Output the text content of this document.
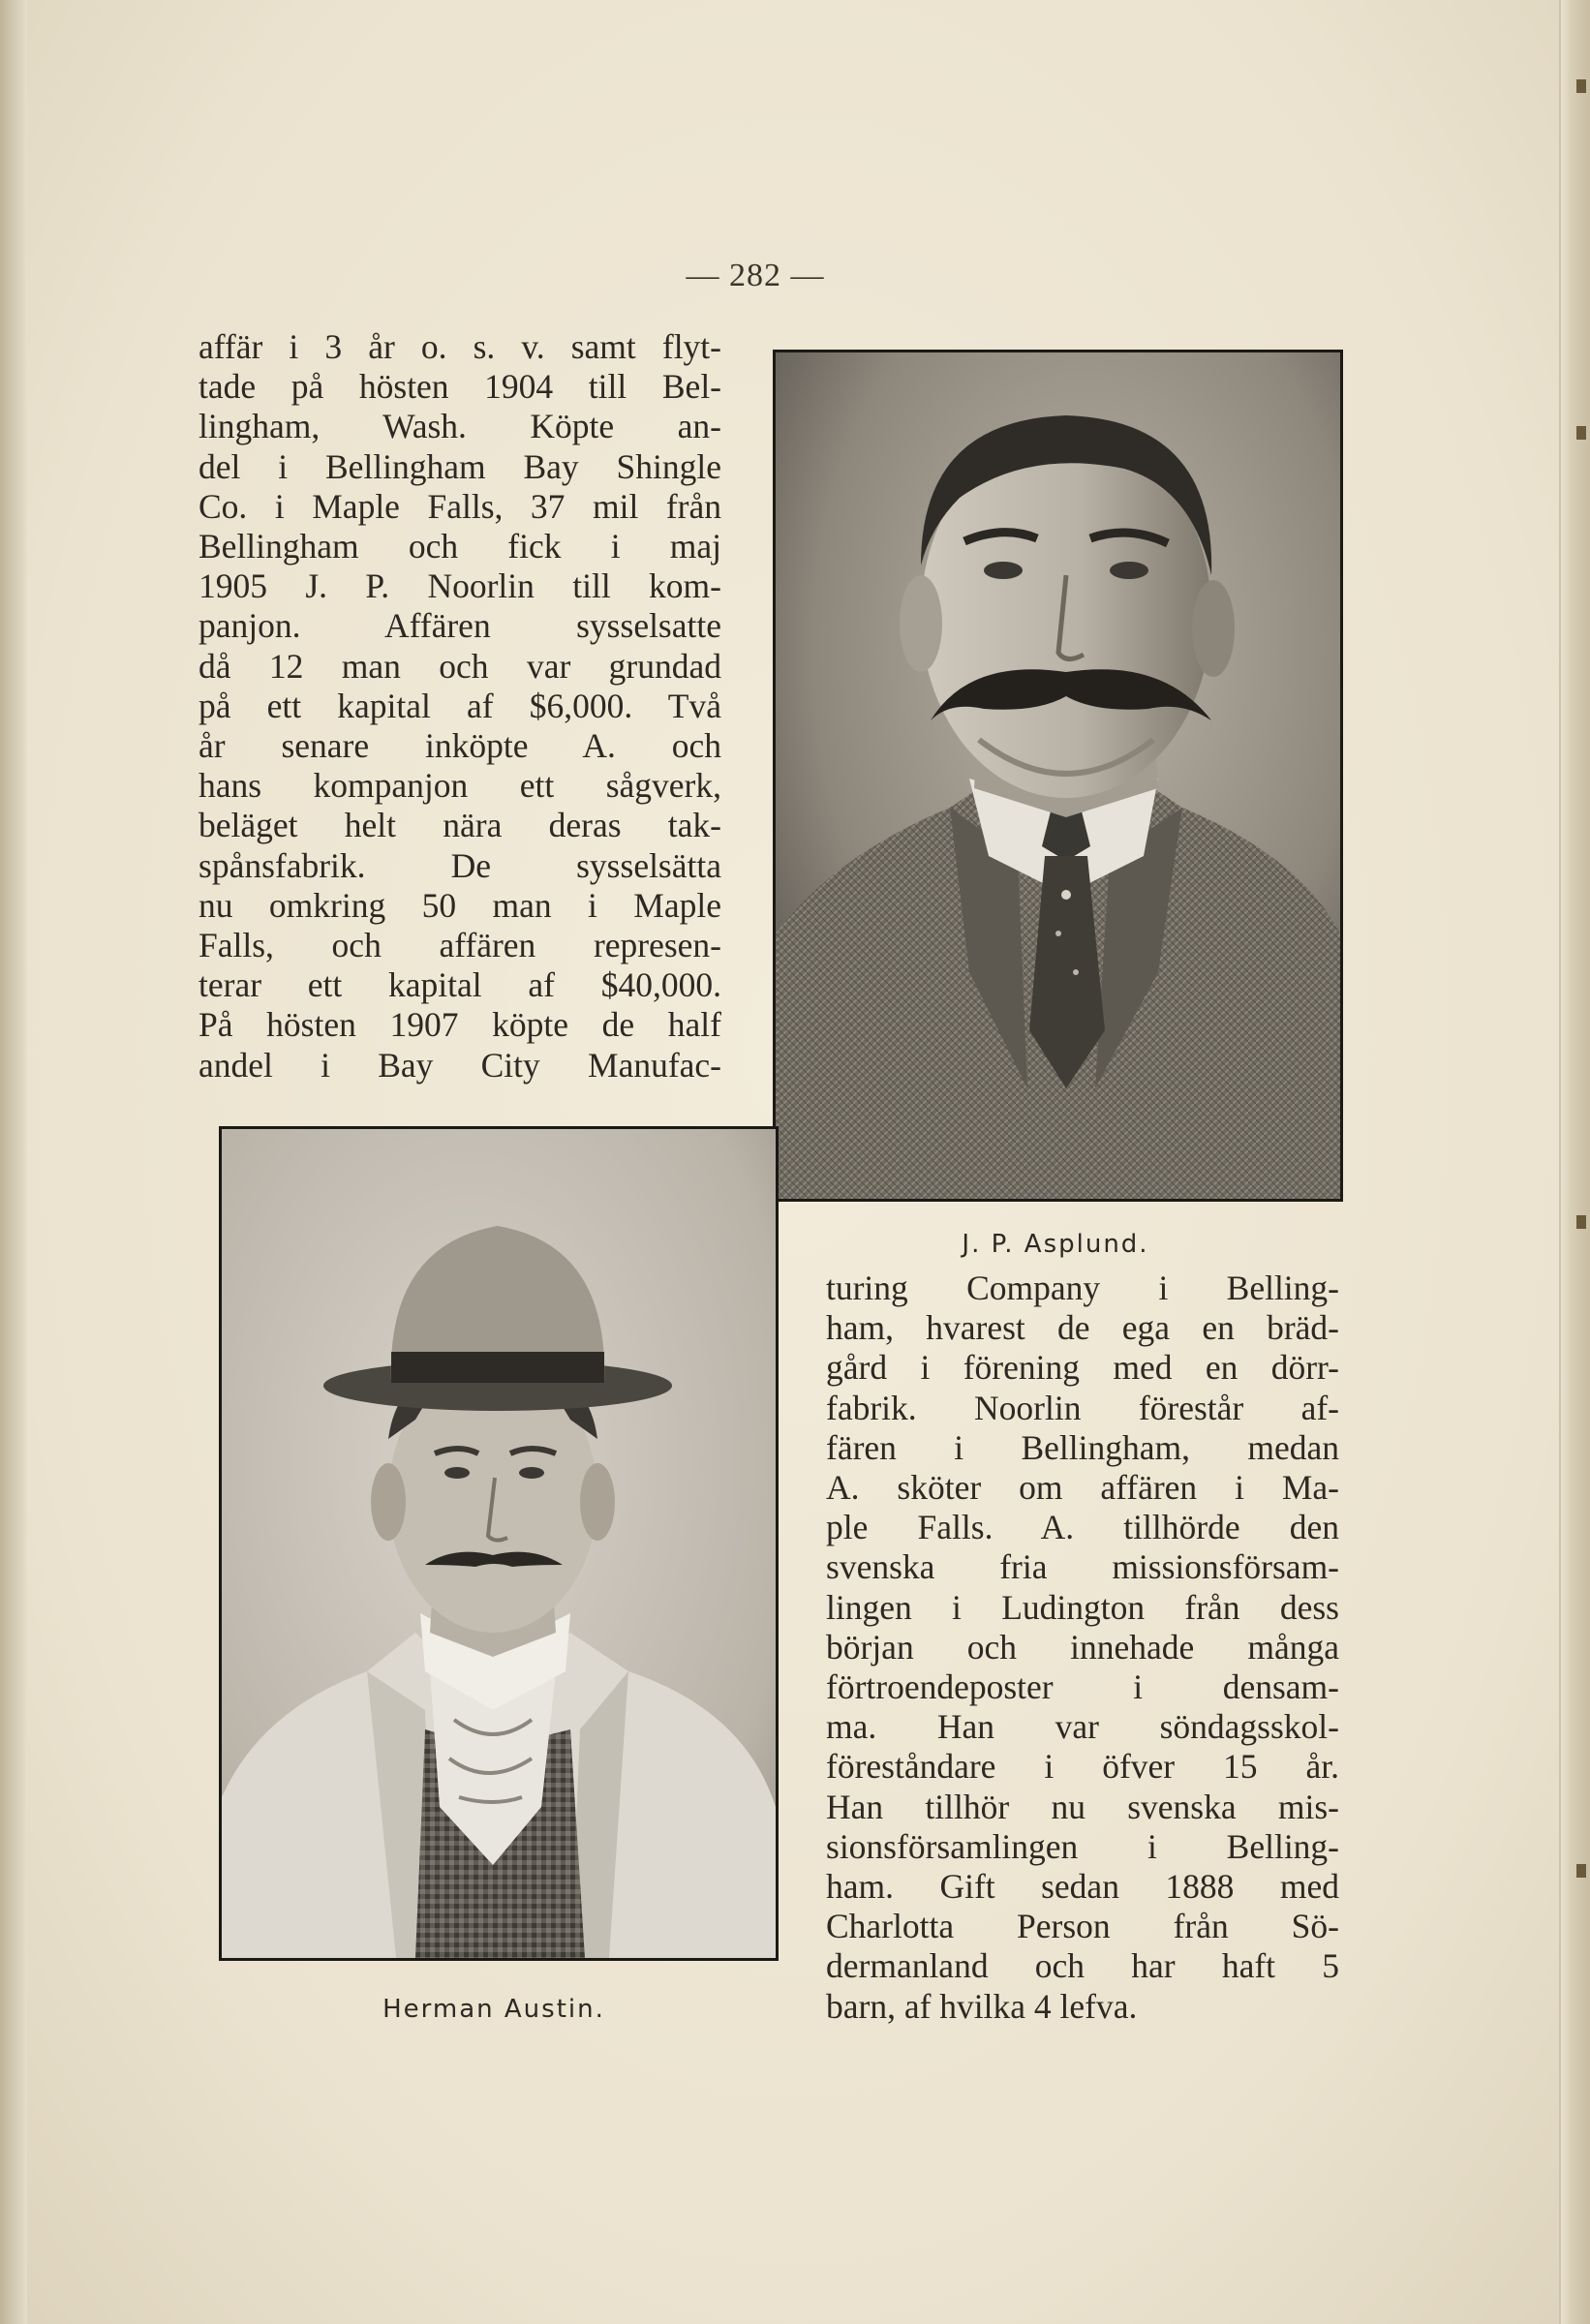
— 282 —
affär i 3 år o. s. v. samt flyt-
tade på hösten 1904 till Bel-
lingham, Wash. Köpte an-
del i Bellingham Bay Shingle
Co. i Maple Falls, 37 mil från
Bellingham och fick i maj
1905 J. P. Noorlin till kom-
panjon. Affären sysselsatte
då 12 man och var grundad
på ett kapital af $6,000. Två
år senare inköpte A. och
hans kompanjon ett sågverk,
beläget helt nära deras tak-
spånsfabrik. De sysselsätta
nu omkring 50 man i Maple
Falls, och affären represen-
terar ett kapital af $40,000.
På hösten 1907 köpte de half
andel i Bay City Manufac-
J. P. Asplund.
Herman Austin.
turing Company i Belling-
ham, hvarest de ega en bräd-
gård i förening med en dörr-
fabrik. Noorlin förestår af-
fären i Bellingham, medan
A. sköter om affären i Ma-
ple Falls. A. tillhörde den
svenska fria missionsförsam-
lingen i Ludington från dess
början och innehade många
förtroendeposter i densam-
ma. Han var söndagsskol-
föreståndare i öfver 15 år.
Han tillhör nu svenska mis-
sionsförsamlingen i Belling-
ham. Gift sedan 1888 med
Charlotta Person från Sö-
dermanland och har haft 5
barn, af hvilka 4 lefva.
